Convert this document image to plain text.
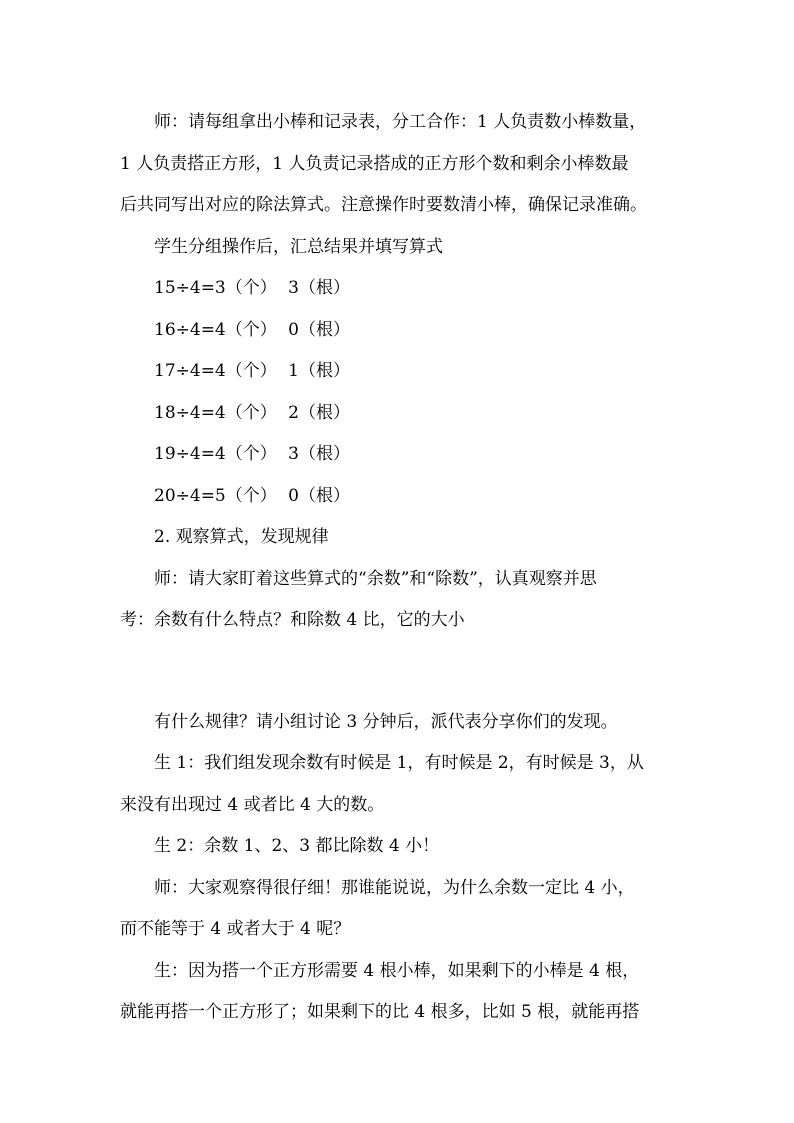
师：请每组拿出小棒和记录表，分工合作：1 人负责数小棒数量，
1 人负责搭正方形，1 人负责记录搭成的正方形个数和剩余小棒数最
后共同写出对应的除法算式。注意操作时要数清小棒，确保记录准确。
学生分组操作后，汇总结果并填写算式
15÷4=3（个） 3（根）
16÷4=4（个） 0（根）
17÷4=4（个） 1（根）
18÷4=4（个） 2（根）
19÷4=4（个） 3（根）
20÷4=5（个） 0（根）
2. 观察算式，发现规律
师：请大家盯着这些算式的“余数”和“除数”，认真观察并思
考：余数有什么特点？和除数 4 比，它的大小
有什么规律？请小组讨论 3 分钟后，派代表分享你们的发现。
生 1：我们组发现余数有时候是 1，有时候是 2，有时候是 3，从
来没有出现过 4 或者比 4 大的数。
生 2：余数 1、2、3 都比除数 4 小！
师：大家观察得很仔细！那谁能说说，为什么余数一定比 4 小，
而不能等于 4 或者大于 4 呢？
生：因为搭一个正方形需要 4 根小棒，如果剩下的小棒是 4 根，
就能再搭一个正方形了；如果剩下的比 4 根多，比如 5 根，就能再搭
